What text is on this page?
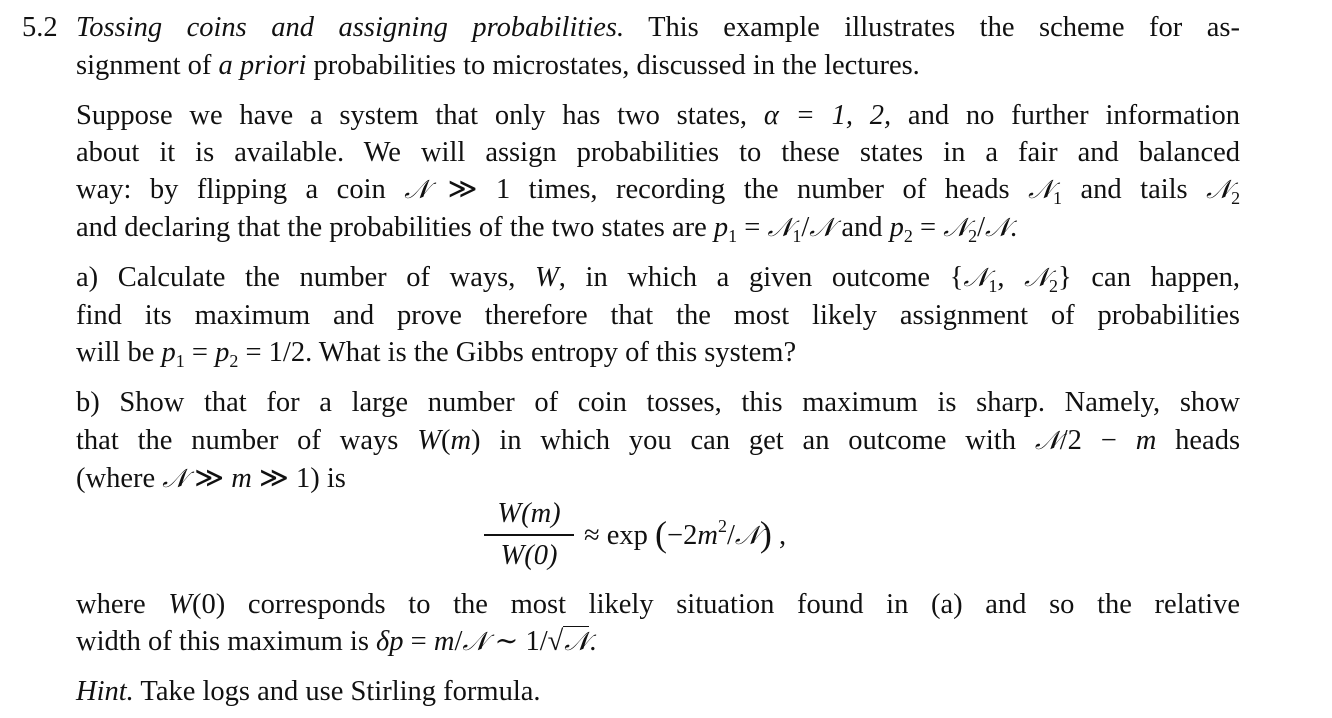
5.2 Tossing coins and assigning probabilities. This example illustrates the scheme for as-
signment of a priori probabilities to microstates, discussed in the lectures.
Suppose we have a system that only has two states, α = 1, 2, and no further information
about it is available. We will assign probabilities to these states in a fair and balanced
way: by flipping a coin 𝒩 ≫ 1 times, recording the number of heads 𝒩$_1$ and tails 𝒩$_2$
and declaring that the probabilities of the two states are $p_1$ = 𝒩$_1$/𝒩 and $p_2$ = 𝒩$_2$/𝒩.
a) Calculate the number of ways, W, in which a given outcome {𝒩$_1$, 𝒩$_2$} can happen,
find its maximum and prove therefore that the most likely assignment of probabilities
will be $p_1 = p_2 = 1/2$. What is the Gibbs entropy of this system?
b) Show that for a large number of coin tosses, this maximum is sharp. Namely, show
that the number of ways W(m) in which you can get an outcome with 𝒩/2 − m heads
(where 𝒩 ≫ m ≫ 1) is
W(m)
W(0)
≈ $\exp (-2m^2/𝒩)$ ,
where W(0) corresponds to the most likely situation found in (a) and so the relative
width of this maximum is δp = m/𝒩 ∼ 1/√𝒩.
Hint. Take logs and use Stirling formula.
